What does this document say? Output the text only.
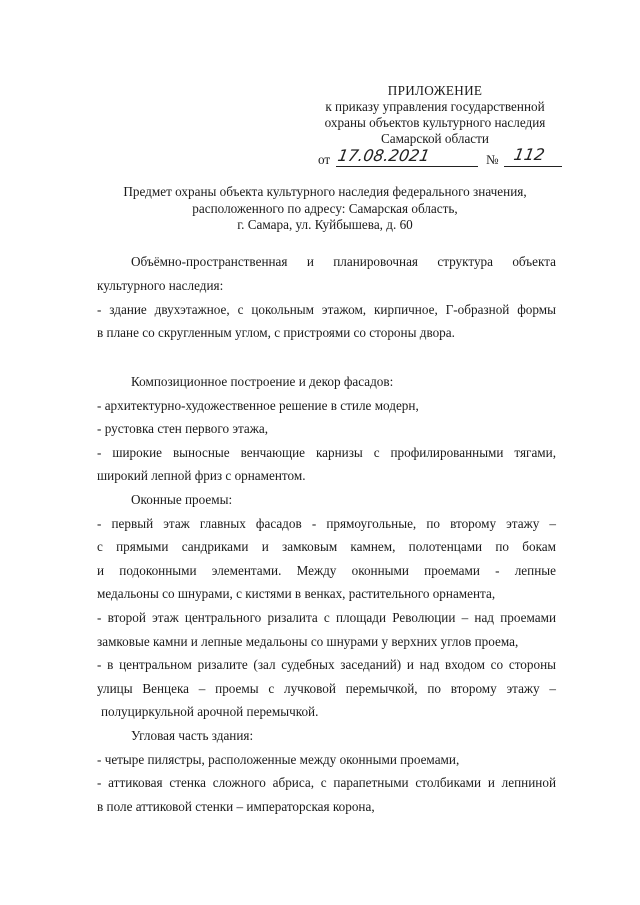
ПРИЛОЖЕНИЕ
к приказу управления государственной
охраны объектов культурного наследия
Самарской области
от 17.08.2021	№ 112
Предмет охраны объекта культурного наследия федерального значения,
расположенного по адресу: Самарская область,
г. Самара, ул. Куйбышева, д. 60
Объёмно-пространственная и планировочная структура объекта
культурного наследия:
- здание двухэтажное, с цокольным этажом, кирпичное, Г-образной формы
в плане со скругленным углом, с пристроями со стороны двора.
Композиционное построение и декор фасадов:
- архитектурно-художественное решение в стиле модерн,
- рустовка стен первого этажа,
- широкие выносные венчающие карнизы с профилированными тягами,
широкий лепной фриз с орнаментом.
Оконные проемы:
- первый этаж главных фасадов - прямоугольные, по второму этажу –
с прямыми сандриками и замковым камнем, полотенцами по бокам
и подоконными элементами. Между оконными проемами - лепные
медальоны со шнурами, с кистями в венках, растительного орнамента,
- второй этаж центрального ризалита с площади Революции – над проемами
замковые камни и лепные медальоны со шнурами у верхних углов проема,
- в центральном ризалите (зал судебных заседаний) и над входом со стороны
улицы Венцека – проемы с лучковой перемычкой, по второму этажу –
полуциркульной арочной перемычкой.
Угловая часть здания:
- четыре пилястры, расположенные между оконными проемами,
- аттиковая стенка сложного абриса, с парапетными столбиками и лепниной
в поле аттиковой стенки – императорская корона,
